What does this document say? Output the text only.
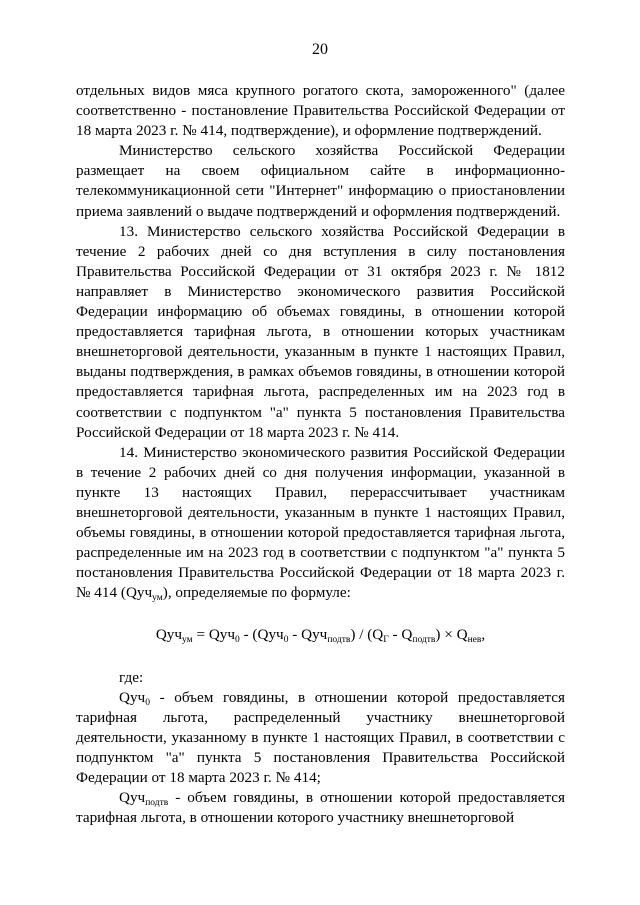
20

отдельных видов мяса крупного рогатого скота, замороженного" (далее соответственно - постановление Правительства Российской Федерации от 18 марта 2023 г. № 414, подтверждение), и оформление подтверждений.

Министерство сельского хозяйства Российской Федерации размещает на своем официальном сайте в информационно-телекоммуникационной сети "Интернет" информацию о приостановлении приема заявлений о выдаче подтверждений и оформления подтверждений.

13. Министерство сельского хозяйства Российской Федерации в течение 2 рабочих дней со дня вступления в силу постановления Правительства Российской Федерации от 31 октября 2023 г. № 1812 направляет в Министерство экономического развития Российской Федерации информацию об объемах говядины, в отношении которой предоставляется тарифная льгота, в отношении которых участникам внешнеторговой деятельности, указанным в пункте 1 настоящих Правил, выданы подтверждения, в рамках объемов говядины, в отношении которой предоставляется тарифная льгота, распределенных им на 2023 год в соответствии с подпунктом "а" пункта 5 постановления Правительства Российской Федерации от 18 марта 2023 г. № 414.

14. Министерство экономического развития Российской Федерации в течение 2 рабочих дней со дня получения информации, указанной в пункте 13 настоящих Правил, перерассчитывает участникам внешнеторговой деятельности, указанным в пункте 1 настоящих Правил, объемы говядины, в отношении которой предоставляется тарифная льгота, распределенные им на 2023 год в соответствии с подпунктом "а" пункта 5 постановления Правительства Российской Федерации от 18 марта 2023 г. № 414 (Qуч$_{ум}$), определяемые по формуле:

$Qуч_{ум} = Qуч_0 - (Qуч_0 - Qуч_{подтв}) / (Q_Г - Q_{подтв}) \times Q_{нев}$,

где:

Qуч$_0$ - объем говядины, в отношении которой предоставляется тарифная льгота, распределенный участнику внешнеторговой деятельности, указанному в пункте 1 настоящих Правил, в соответствии с подпунктом "а" пункта 5 постановления Правительства Российской Федерации от 18 марта 2023 г. № 414;

Qуч$_{подтв}$ - объем говядины, в отношении которой предоставляется тарифная льгота, в отношении которого участнику внешнеторговой
